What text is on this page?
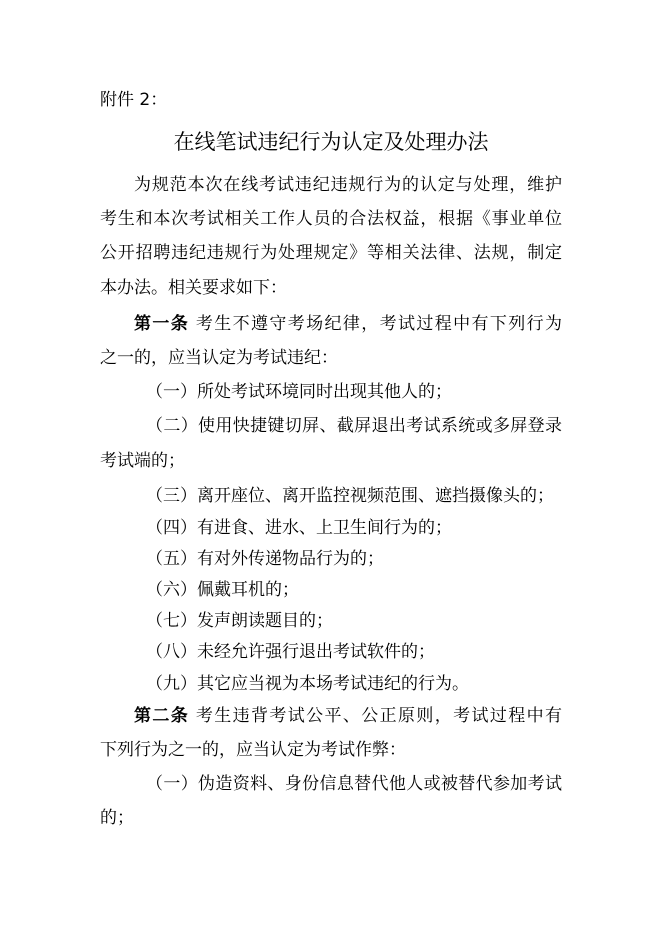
附件 2：
在线笔试违纪行为认定及处理办法
为规范本次在线考试违纪违规行为的认定与处理，维护
考生和本次考试相关工作人员的合法权益，根据《事业单位
公开招聘违纪违规行为处理规定》等相关法律、法规，制定
本办法。相关要求如下：
第一条 考生不遵守考场纪律，考试过程中有下列行为
之一的，应当认定为考试违纪：
（一）所处考试环境同时出现其他人的；
（二）使用快捷键切屏、截屏退出考试系统或多屏登录
考试端的；
（三）离开座位、离开监控视频范围、遮挡摄像头的；
（四）有进食、进水、上卫生间行为的；
（五）有对外传递物品行为的；
（六）佩戴耳机的；
（七）发声朗读题目的；
（八）未经允许强行退出考试软件的；
（九）其它应当视为本场考试违纪的行为。
第二条 考生违背考试公平、公正原则，考试过程中有
下列行为之一的，应当认定为考试作弊：
（一）伪造资料、身份信息替代他人或被替代参加考试
的；
